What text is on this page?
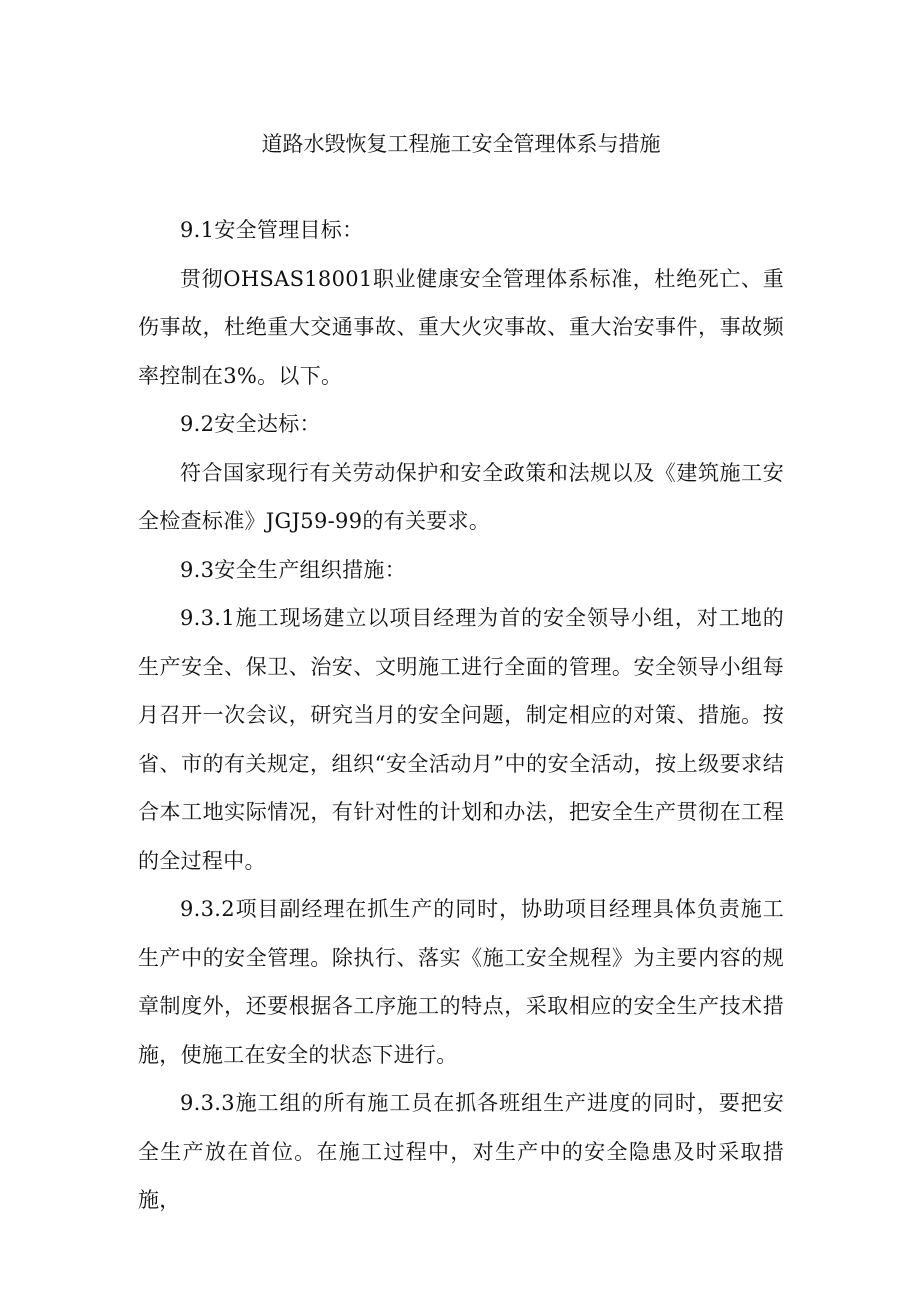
道路水毁恢复工程施工安全管理体系与措施

9.1安全管理目标：

贯彻OHSAS18001职业健康安全管理体系标准，杜绝死亡、重伤事故，杜绝重大交通事故、重大火灾事故、重大治安事件，事故频率控制在3%。以下。

9.2安全达标：

符合国家现行有关劳动保护和安全政策和法规以及《建筑施工安全检查标准》JGJ59-99的有关要求。

9.3安全生产组织措施：

9.3.1施工现场建立以项目经理为首的安全领导小组，对工地的生产安全、保卫、治安、文明施工进行全面的管理。安全领导小组每月召开一次会议，研究当月的安全问题，制定相应的对策、措施。按省、市的有关规定，组织“安全活动月”中的安全活动，按上级要求结合本工地实际情况，有针对性的计划和办法，把安全生产贯彻在工程的全过程中。

9.3.2项目副经理在抓生产的同时，协助项目经理具体负责施工生产中的安全管理。除执行、落实《施工安全规程》为主要内容的规章制度外，还要根据各工序施工的特点，采取相应的安全生产技术措施，使施工在安全的状态下进行。

9.3.3施工组的所有施工员在抓各班组生产进度的同时，要把安全生产放在首位。在施工过程中，对生产中的安全隐患及时采取措施，
